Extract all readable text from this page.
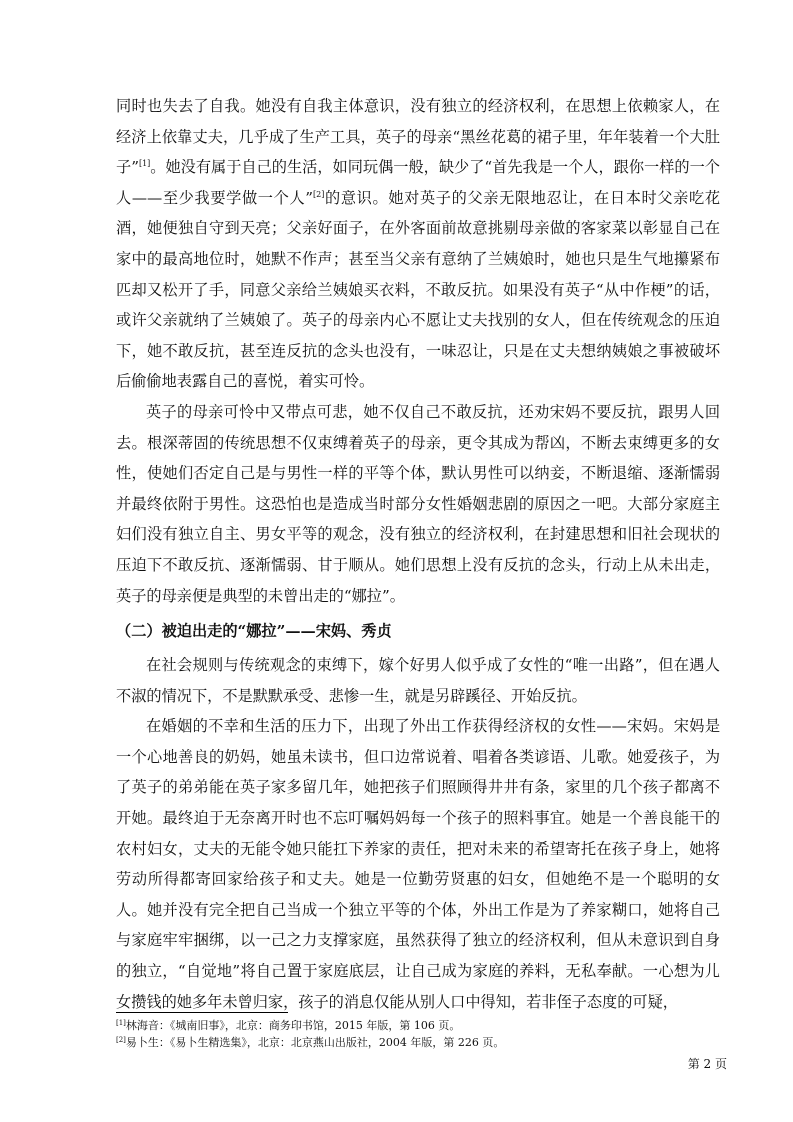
同时也失去了自我。她没有自我主体意识，没有独立的经济权利，在思想上依赖家人，在经济上依靠丈夫，几乎成了生产工具，英子的母亲“黑丝花葛的裙子里，年年装着一个大肚子”[1]。她没有属于自己的生活，如同玩偶一般，缺少了“首先我是一个人，跟你一样的一个人——至少我要学做一个人”[2]的意识。她对英子的父亲无限地忍让，在日本时父亲吃花酒，她便独自守到天亮；父亲好面子，在外客面前故意挑剔母亲做的客家菜以彰显自己在家中的最高地位时，她默不作声；甚至当父亲有意纳了兰姨娘时，她也只是生气地攥紧布匹却又松开了手，同意父亲给兰姨娘买衣料，不敢反抗。如果没有英子“从中作梗”的话，或许父亲就纳了兰姨娘了。英子的母亲内心不愿让丈夫找别的女人，但在传统观念的压迫下，她不敢反抗，甚至连反抗的念头也没有，一味忍让，只是在丈夫想纳姨娘之事被破坏后偷偷地表露自己的喜悦，着实可怜。

英子的母亲可怜中又带点可悲，她不仅自己不敢反抗，还劝宋妈不要反抗，跟男人回去。根深蒂固的传统思想不仅束缚着英子的母亲，更令其成为帮凶，不断去束缚更多的女性，使她们否定自己是与男性一样的平等个体，默认男性可以纳妾，不断退缩、逐渐懦弱并最终依附于男性。这恐怕也是造成当时部分女性婚姻悲剧的原因之一吧。大部分家庭主妇们没有独立自主、男女平等的观念，没有独立的经济权利，在封建思想和旧社会现状的压迫下不敢反抗、逐渐懦弱、甘于顺从。她们思想上没有反抗的念头，行动上从未出走，英子的母亲便是典型的未曾出走的“娜拉”。

（二）被迫出走的“娜拉”——宋妈、秀贞

在社会规则与传统观念的束缚下，嫁个好男人似乎成了女性的“唯一出路”，但在遇人不淑的情况下，不是默默承受、悲惨一生，就是另辟蹊径、开始反抗。

在婚姻的不幸和生活的压力下，出现了外出工作获得经济权的女性——宋妈。宋妈是一个心地善良的奶妈，她虽未读书，但口边常说着、唱着各类谚语、儿歌。她爱孩子，为了英子的弟弟能在英子家多留几年，她把孩子们照顾得井井有条，家里的几个孩子都离不开她。最终迫于无奈离开时也不忘叮嘱妈妈每一个孩子的照料事宜。她是一个善良能干的农村妇女，丈夫的无能令她只能扛下养家的责任，把对未来的希望寄托在孩子身上，她将劳动所得都寄回家给孩子和丈夫。她是一位勤劳贤惠的妇女，但她绝不是一个聪明的女人。她并没有完全把自己当成一个独立平等的个体，外出工作是为了养家糊口，她将自己与家庭牢牢捆绑，以一己之力支撑家庭，虽然获得了独立的经济权利，但从未意识到自身的独立，“自觉地”将自己置于家庭底层，让自己成为家庭的养料，无私奉献。一心想为儿女攒钱的她多年未曾归家，孩子的消息仅能从别人口中得知，若非侄子态度的可疑，

[1]林海音：《城南旧事》，北京：商务印书馆，2015 年版，第 106 页。

[2]易卜生：《易卜生精选集》，北京：北京燕山出版社，2004 年版，第 226 页。

第 2 页
